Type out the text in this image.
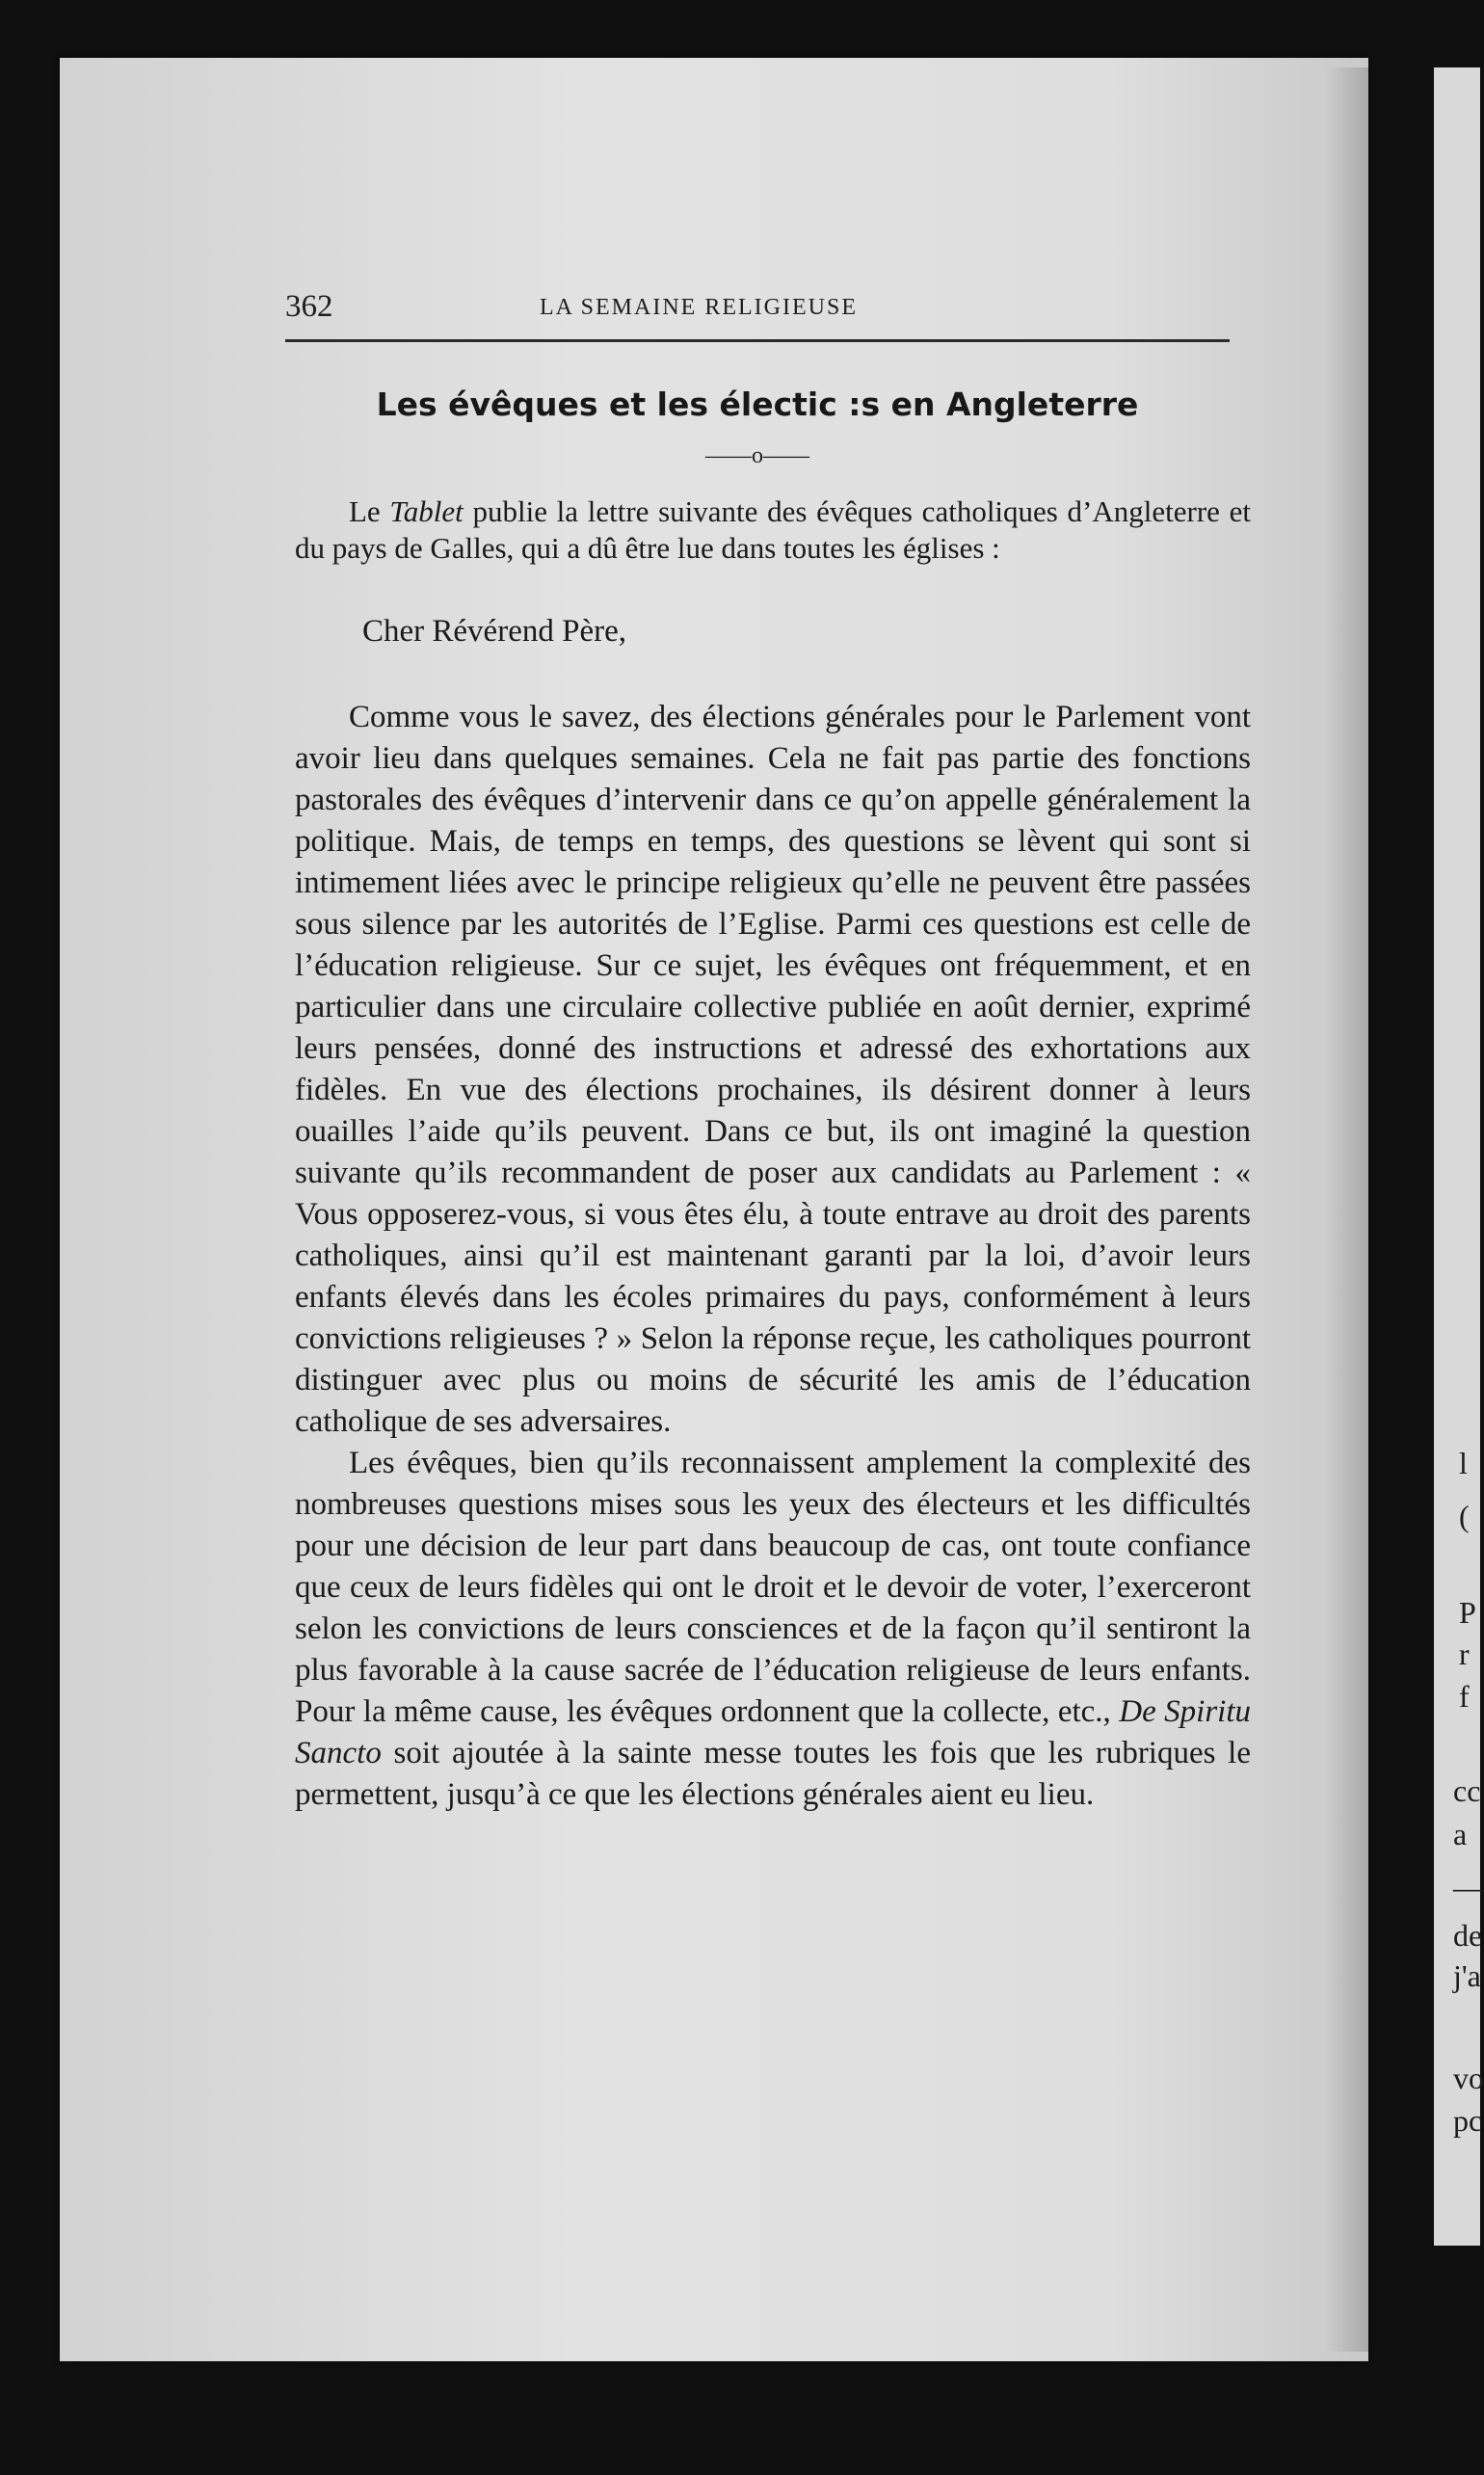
l
(
P
r
f
cc
a
—
de
j'a
vo
pc
362	LA SEMAINE RELIGIEUSE
Les évêques et les électic :s en Angleterre
——o——

Le Tablet publie la lettre suivante des évêques catholiques d’Angleterre et du pays de Galles, qui a dû être lue dans toutes les églises :

Cher Révérend Père,

Comme vous le savez, des élections générales pour le Parlement vont avoir lieu dans quelques semaines. Cela ne fait pas partie des fonctions pastorales des évêques d’intervenir dans ce qu’on appelle généralement la politique. Mais, de temps en temps, des questions se lèvent qui sont si intimement liées avec le principe religieux qu’elle ne peuvent être passées sous silence par les autorités de l’Eglise. Parmi ces questions est celle de l’éducation religieuse. Sur ce sujet, les évêques ont fréquemment, et en particulier dans une circulaire collective publiée en août dernier, exprimé leurs pensées, donné des instructions et adressé des exhortations aux fidèles. En vue des élections prochaines, ils désirent donner à leurs ouailles l’aide qu’ils peuvent. Dans ce but, ils ont imaginé la question suivante qu’ils recommandent de poser aux candidats au Parlement : « Vous opposerez-vous, si vous êtes élu, à toute entrave au droit des parents catholiques, ainsi qu’il est maintenant garanti par la loi, d’avoir leurs enfants élevés dans les écoles primaires du pays, conformément à leurs convictions religieuses ? » Selon la réponse reçue, les catholiques pourront distinguer avec plus ou moins de sécurité les amis de l’éducation catholique de ses adversaires.

Les évêques, bien qu’ils reconnaissent amplement la complexité des nombreuses questions mises sous les yeux des électeurs et les difficultés pour une décision de leur part dans beaucoup de cas, ont toute confiance que ceux de leurs fidèles qui ont le droit et le devoir de voter, l’exerceront selon les convictions de leurs consciences et de la façon qu’il sentiront la plus favorable à la cause sacrée de l’éducation religieuse de leurs enfants. Pour la même cause, les évêques ordonnent que la collecte, etc., De Spiritu Sancto soit ajoutée à la sainte messe toutes les fois que les rubriques le permettent, jusqu’à ce que les élections générales aient eu lieu.
